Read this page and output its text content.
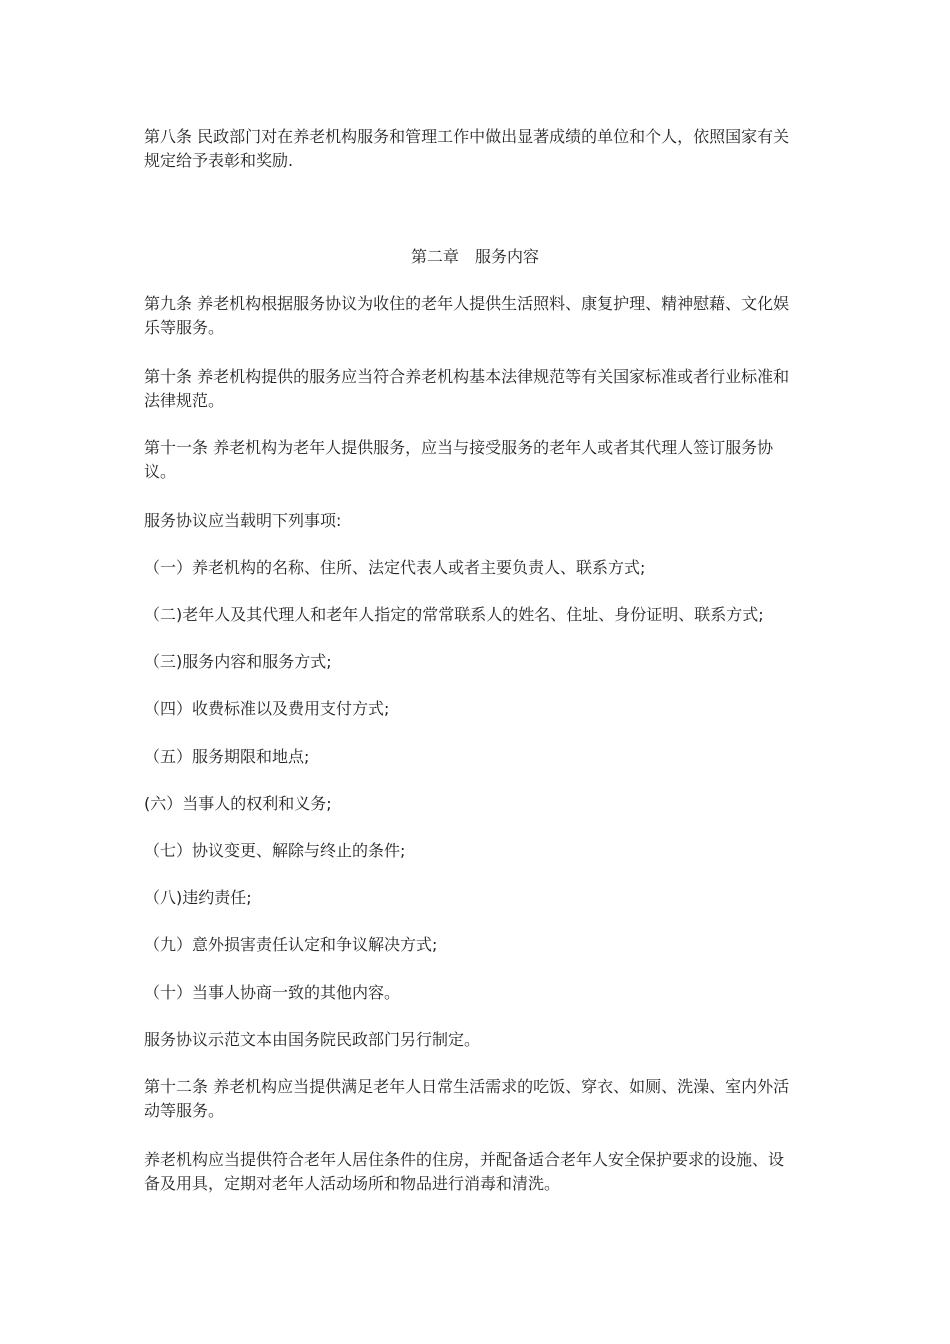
第八条 民政部门对在养老机构服务和管理工作中做出显著成绩的单位和个人，依照国家有关规定给予表彰和奖励.

第二章　服务内容

第九条 养老机构根据服务协议为收住的老年人提供生活照料、康复护理、精神慰藉、文化娱乐等服务。

第十条 养老机构提供的服务应当符合养老机构基本法律规范等有关国家标准或者行业标准和法律规范。

第十一条 养老机构为老年人提供服务，应当与接受服务的老年人或者其代理人签订服务协议。

服务协议应当载明下列事项:

（一）养老机构的名称、住所、法定代表人或者主要负责人、联系方式;

（二)老年人及其代理人和老年人指定的常常联系人的姓名、住址、身份证明、联系方式;

（三)服务内容和服务方式;

（四）收费标准以及费用支付方式;

（五）服务期限和地点;

(六）当事人的权利和义务;

（七）协议变更、解除与终止的条件;

（八)违约责任;

（九）意外损害责任认定和争议解决方式;

（十）当事人协商一致的其他内容。

服务协议示范文本由国务院民政部门另行制定。

第十二条 养老机构应当提供满足老年人日常生活需求的吃饭、穿衣、如厕、洗澡、室内外活动等服务。

养老机构应当提供符合老年人居住条件的住房，并配备适合老年人安全保护要求的设施、设备及用具，定期对老年人活动场所和物品进行消毒和清洗。
